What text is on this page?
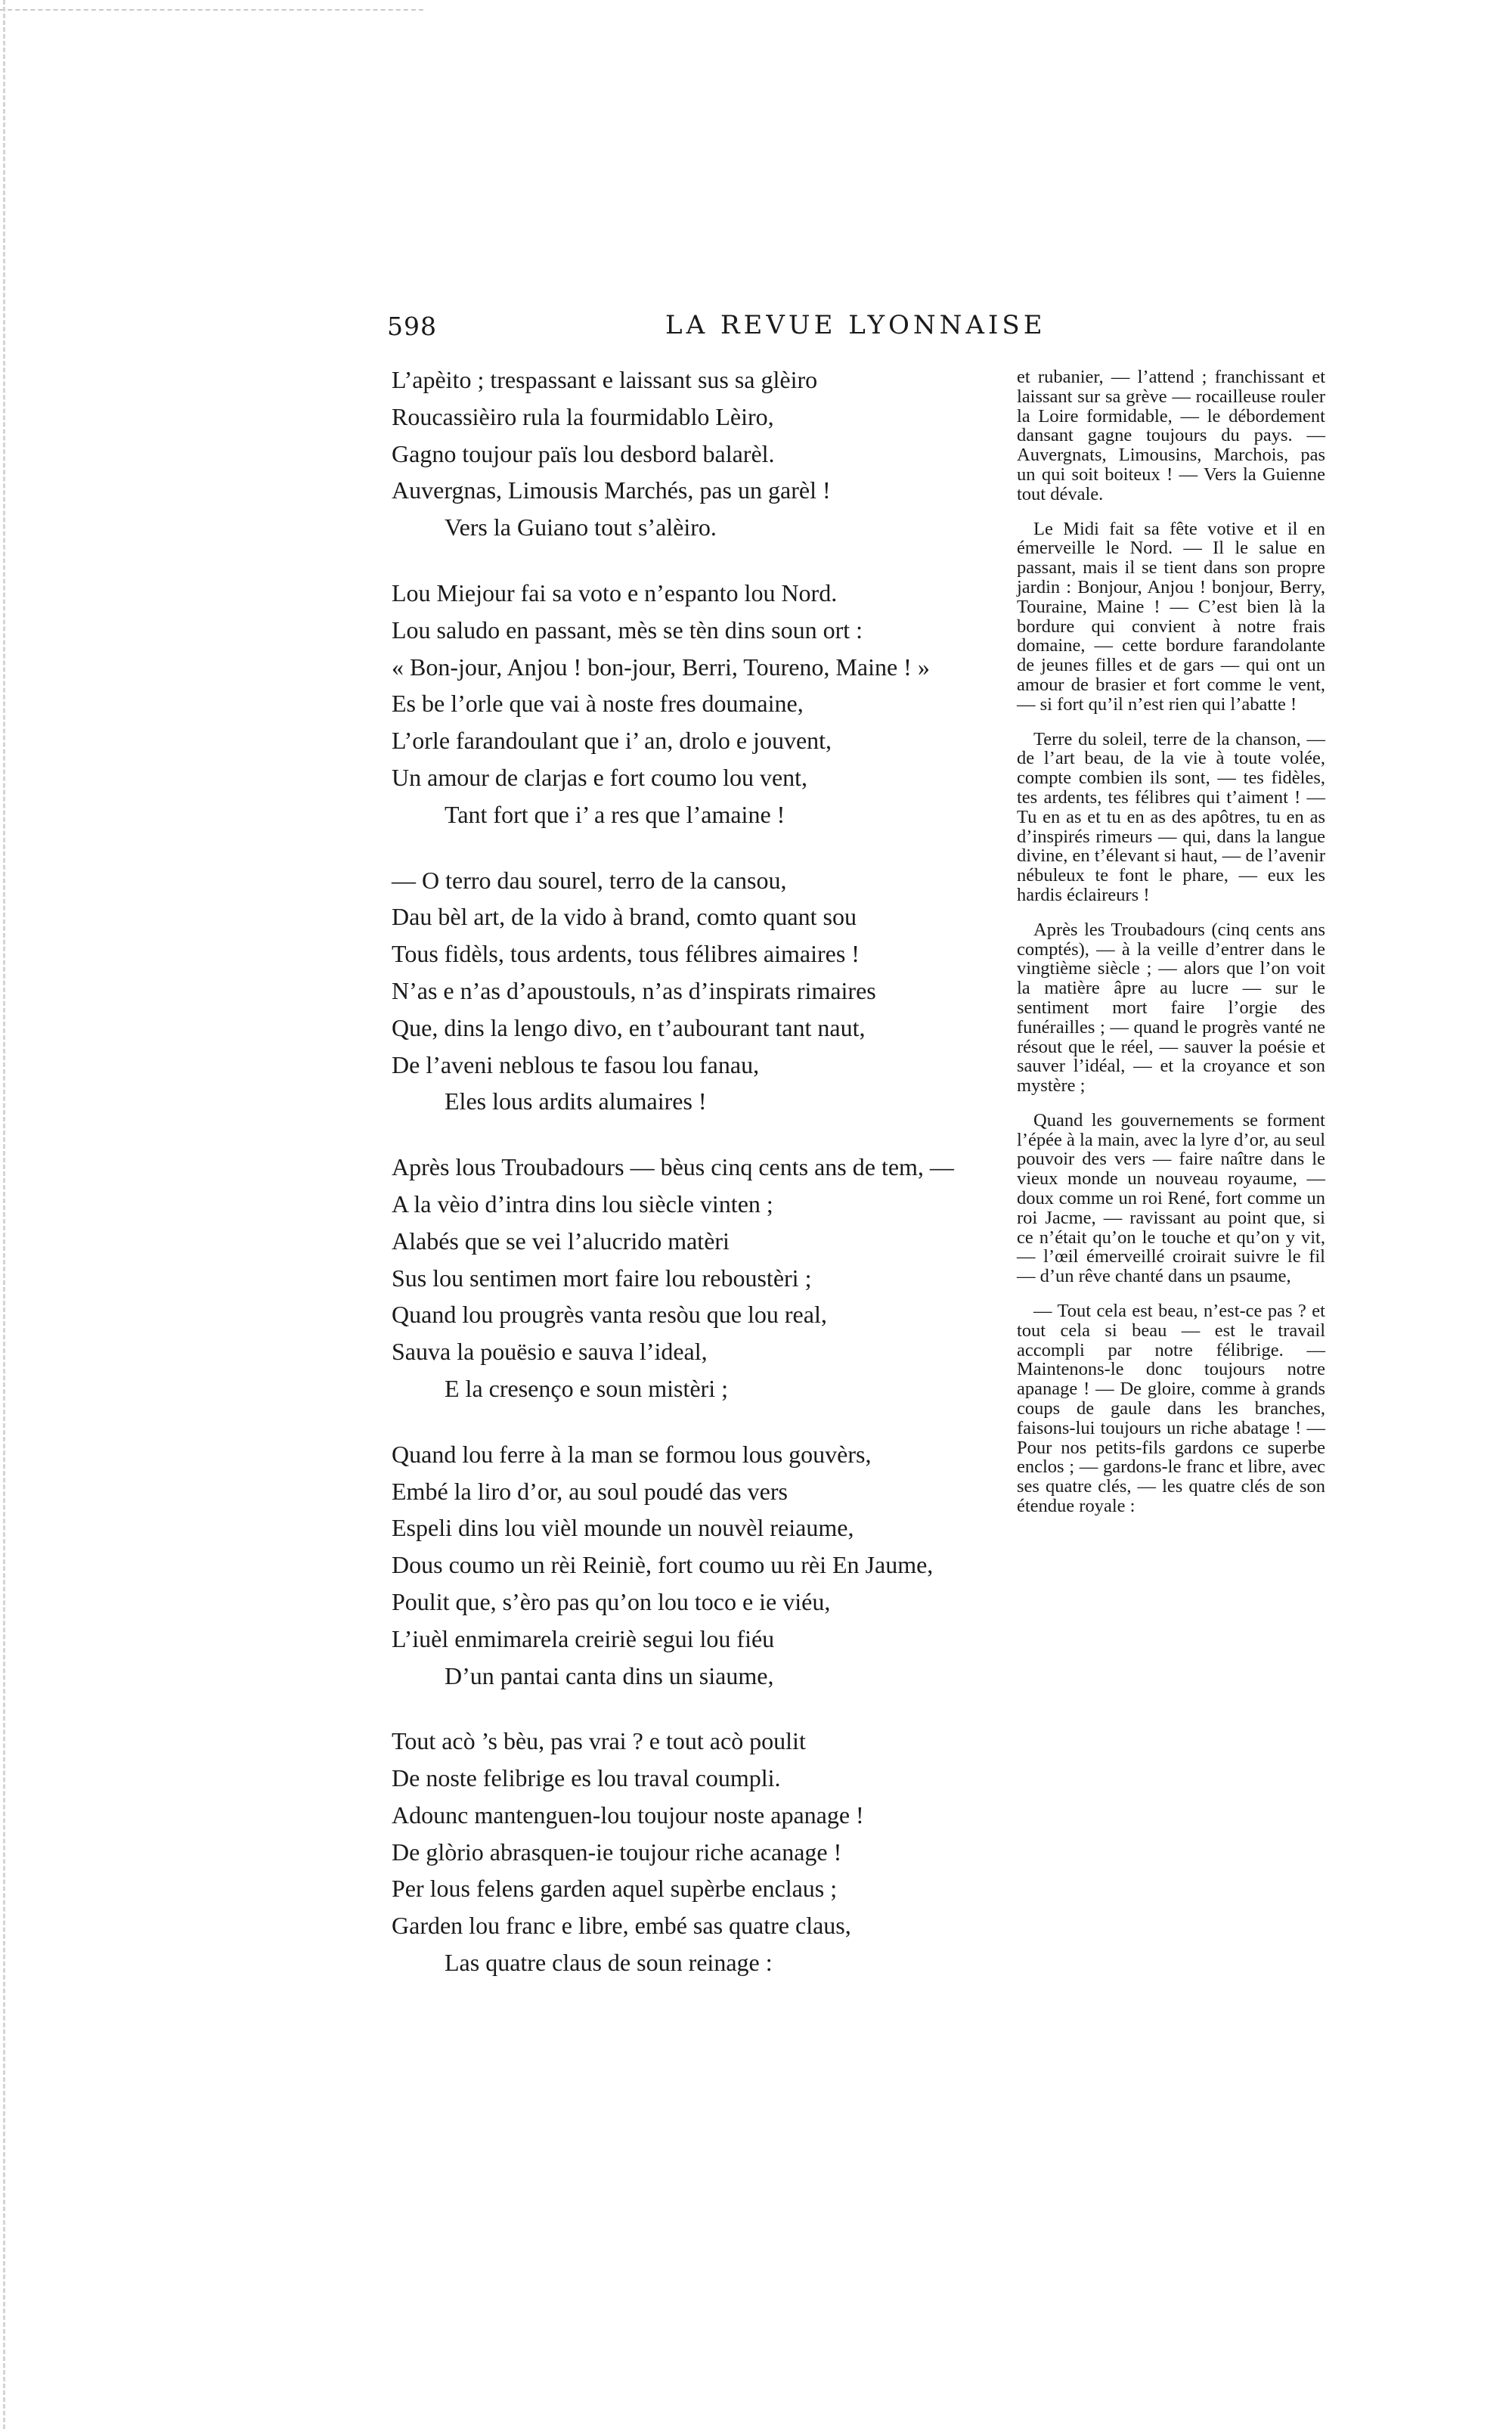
598	LA REVUE LYONNAISE
L’apèito ; trespassant e laissant sus sa glèiro
Roucassièiro rula la fourmidablo Lèiro,
Gagno toujour païs lou desbord balarèl.
Auvergnas, Limousis Marchés, pas un garèl !
Vers la Guiano tout s’alèiro.
Lou Miejour fai sa voto e n’espanto lou Nord.
Lou saludo en passant, mès se tèn dins soun ort :
« Bon-jour, Anjou ! bon-jour, Berri, Toureno, Maine ! »
Es be l’orle que vai à noste fres doumaine,
L’orle farandoulant que i’ an, drolo e jouvent,
Un amour de clarjas e fort coumo lou vent,
Tant fort que i’ a res que l’amaine !
— O terro dau sourel, terro de la cansou,
Dau bèl art, de la vido à brand, comto quant sou
Tous fidèls, tous ardents, tous félibres aimaires !
N’as e n’as d’apoustouls, n’as d’inspirats rimaires
Que, dins la lengo divo, en t’aubourant tant naut,
De l’aveni neblous te fasou lou fanau,
Eles lous ardits alumaires !
Après lous Troubadours — bèus cinq cents ans de tem, —
A la vèio d’intra dins lou siècle vinten ;
Alabés que se vei l’alucrido matèri
Sus lou sentimen mort faire lou reboustèri ;
Quand lou prougrès vanta resòu que lou real,
Sauva la pouësio e sauva l’ideal,
E la cresenço e soun mistèri ;
Quand lou ferre à la man se formou lous gouvèrs,
Embé la liro d’or, au soul poudé das vers
Espeli dins lou vièl mounde un nouvèl reiaume,
Dous coumo un rèi Reiniè, fort coumo uu rèi En Jaume,
Poulit que, s’èro pas qu’on lou toco e ie viéu,
L’iuèl enmimarela creiriè segui lou fiéu
D’un pantai canta dins un siaume,
Tout acò ’s bèu, pas vrai ? e tout acò poulit
De noste felibrige es lou traval coumpli.
Adounc mantenguen-lou toujour noste apanage !
De glòrio abrasquen-ie toujour riche acanage !
Per lous felens garden aquel supèrbe enclaus ;
Garden lou franc e libre, embé sas quatre claus,
Las quatre claus de soun reinage :

et rubanier, — l’attend ; franchissant et laissant sur sa grève — rocailleuse rouler la Loire formidable, — le débordement dansant gagne toujours du pays. — Auvergnats, Limousins, Marchois, pas un qui soit boiteux ! — Vers la Guienne tout dévale.

Le Midi fait sa fête votive et il en émerveille le Nord. — Il le salue en passant, mais il se tient dans son propre jardin : Bonjour, Anjou ! bonjour, Berry, Touraine, Maine ! — C’est bien là la bordure qui convient à notre frais domaine, — cette bordure farandolante de jeunes filles et de gars — qui ont un amour de brasier et fort comme le vent, — si fort qu’il n’est rien qui l’abatte !

Terre du soleil, terre de la chanson, — de l’art beau, de la vie à toute volée, compte combien ils sont, — tes fidèles, tes ardents, tes félibres qui t’aiment ! — Tu en as et tu en as des apôtres, tu en as d’inspirés rimeurs — qui, dans la langue divine, en t’élevant si haut, — de l’avenir nébuleux te font le phare, — eux les hardis éclaireurs !

Après les Troubadours (cinq cents ans comptés), — à la veille d’entrer dans le vingtième siècle ; — alors que l’on voit la matière âpre au lucre — sur le sentiment mort faire l’orgie des funérailles ; — quand le progrès vanté ne résout que le réel, — sauver la poésie et sauver l’idéal, — et la croyance et son mystère ;

Quand les gouvernements se forment l’épée à la main, avec la lyre d’or, au seul pouvoir des vers — faire naître dans le vieux monde un nouveau royaume, — doux comme un roi René, fort comme un roi Jacme, — ravissant au point que, si ce n’était qu’on le touche et qu’on y vit, — l’œil émerveillé croirait suivre le fil — d’un rêve chanté dans un psaume,

— Tout cela est beau, n’est-ce pas ? et tout cela si beau — est le travail accompli par notre félibrige. — Maintenons-le donc toujours notre apanage ! — De gloire, comme à grands coups de gaule dans les branches, faisons-lui toujours un riche abatage ! — Pour nos petits-fils gardons ce superbe enclos ; — gardons-le franc et libre, avec ses quatre clés, — les quatre clés de son étendue royale :
